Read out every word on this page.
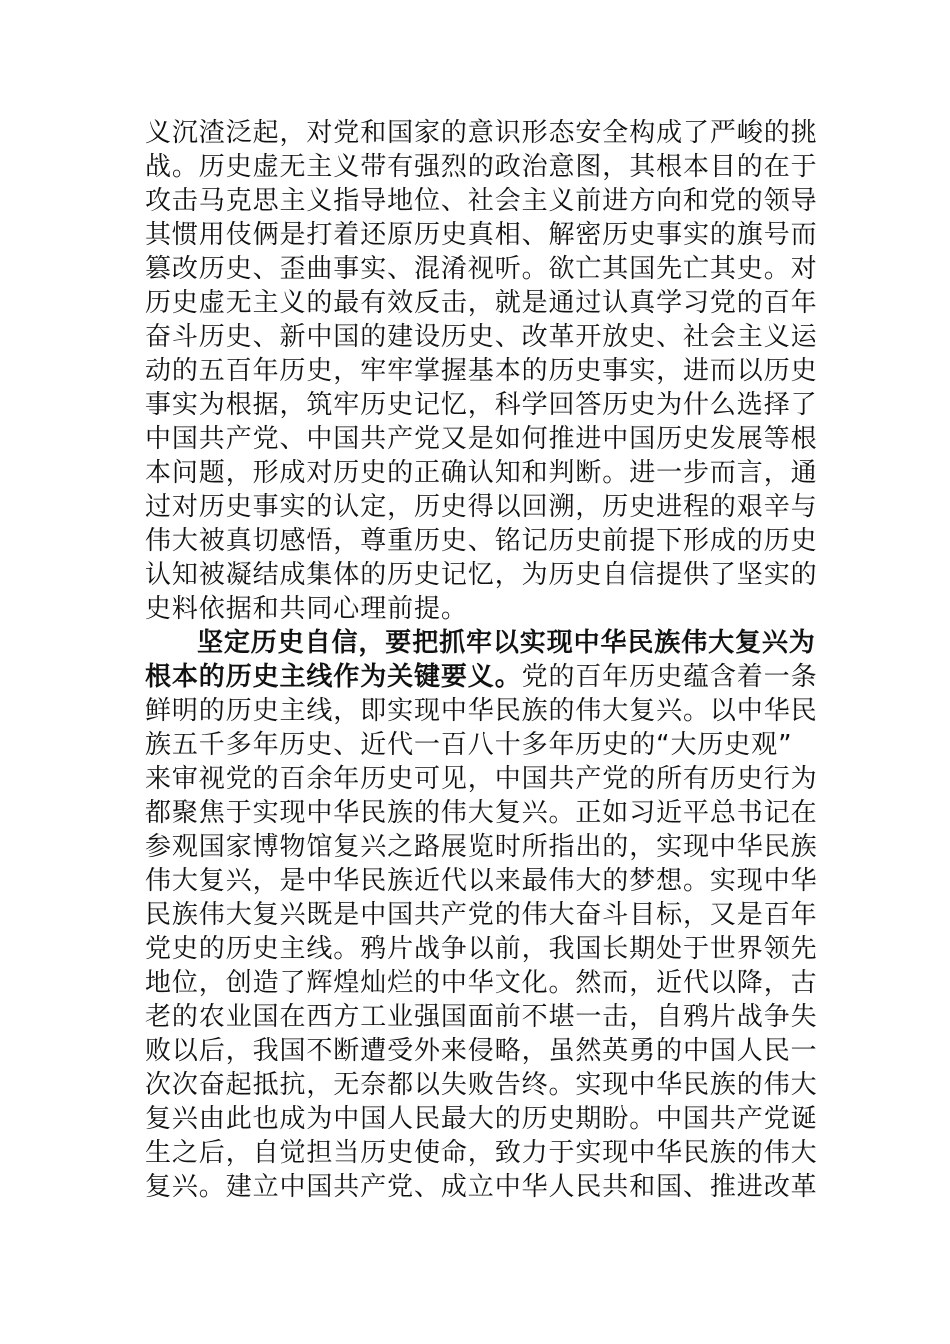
义沉渣泛起，对党和国家的意识形态安全构成了严峻的挑
战。历史虚无主义带有强烈的政治意图，其根本目的在于
攻击马克思主义指导地位、社会主义前进方向和党的领导
其惯用伎俩是打着还原历史真相、解密历史事实的旗号而
篡改历史、歪曲事实、混淆视听。欲亡其国先亡其史。对
历史虚无主义的最有效反击，就是通过认真学习党的百年
奋斗历史、新中国的建设历史、改革开放史、社会主义运
动的五百年历史，牢牢掌握基本的历史事实，进而以历史
事实为根据，筑牢历史记忆，科学回答历史为什么选择了
中国共产党、中国共产党又是如何推进中国历史发展等根
本问题，形成对历史的正确认知和判断。进一步而言，通
过对历史事实的认定，历史得以回溯，历史进程的艰辛与
伟大被真切感悟，尊重历史、铭记历史前提下形成的历史
认知被凝结成集体的历史记忆，为历史自信提供了坚实的
史料依据和共同心理前提。
坚定历史自信，要把抓牢以实现中华民族伟大复兴为
根本的历史主线作为关键要义。党的百年历史蕴含着一条
鲜明的历史主线，即实现中华民族的伟大复兴。以中华民
族五千多年历史、近代一百八十多年历史的“大历史观”
来审视党的百余年历史可见，中国共产党的所有历史行为
都聚焦于实现中华民族的伟大复兴。正如习近平总书记在
参观国家博物馆复兴之路展览时所指出的，实现中华民族
伟大复兴，是中华民族近代以来最伟大的梦想。实现中华
民族伟大复兴既是中国共产党的伟大奋斗目标，又是百年
党史的历史主线。鸦片战争以前，我国长期处于世界领先
地位，创造了辉煌灿烂的中华文化。然而，近代以降，古
老的农业国在西方工业强国面前不堪一击，自鸦片战争失
败以后，我国不断遭受外来侵略，虽然英勇的中国人民一
次次奋起抵抗，无奈都以失败告终。实现中华民族的伟大
复兴由此也成为中国人民最大的历史期盼。中国共产党诞
生之后，自觉担当历史使命，致力于实现中华民族的伟大
复兴。建立中国共产党、成立中华人民共和国、推进改革
